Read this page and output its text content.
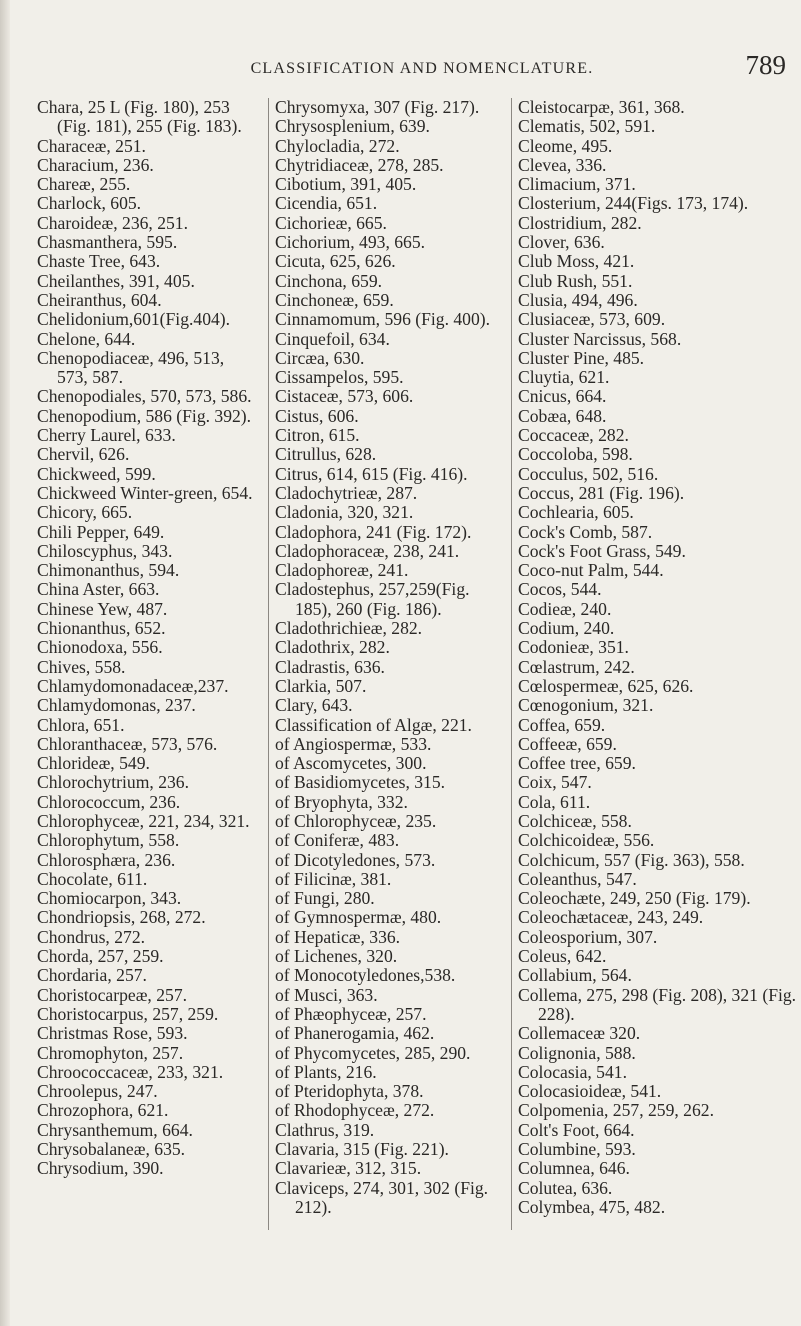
CLASSIFICATION AND NOMENCLATURE.	789
Chara, 25 L (Fig. 180), 253 (Fig. 181), 255 (Fig. 183).
Characeæ, 251.
Characium, 236.
Chareæ, 255.
Charlock, 605.
Charoideæ, 236, 251.
Chasmanthera, 595.
Chaste Tree, 643.
Cheilanthes, 391, 405.
Cheiranthus, 604.
Chelidonium,601(Fig.404).
Chelone, 644.
Chenopodiaceæ, 496, 513, 573, 587.
Chenopodiales, 570, 573, 586.
Chenopodium, 586 (Fig. 392).
Cherry Laurel, 633.
Chervil, 626.
Chickweed, 599.
Chickweed Winter-green, 654.
Chicory, 665.
Chili Pepper, 649.
Chiloscyphus, 343.
Chimonanthus, 594.
China Aster, 663.
Chinese Yew, 487.
Chionanthus, 652.
Chionodoxa, 556.
Chives, 558.
Chlamydomonadaceæ,237.
Chlamydomonas, 237.
Chlora, 651.
Chloranthaceæ, 573, 576.
Chlorideæ, 549.
Chlorochytrium, 236.
Chlorococcum, 236.
Chlorophyceæ, 221, 234, 321.
Chlorophytum, 558.
Chlorosphæra, 236.
Chocolate, 611.
Chomiocarpon, 343.
Chondriopsis, 268, 272.
Chondrus, 272.
Chorda, 257, 259.
Chordaria, 257.
Choristocarpeæ, 257.
Choristocarpus, 257, 259.
Christmas Rose, 593.
Chromophyton, 257.
Chroococcaceæ, 233, 321.
Chroolepus, 247.
Chrozophora, 621.
Chrysanthemum, 664.
Chrysobalaneæ, 635.
Chrysodium, 390.
Chrysomyxa, 307 (Fig. 217).
Chrysosplenium, 639.
Chylocladia, 272.
Chytridiaceæ, 278, 285.
Cibotium, 391, 405.
Cicendia, 651.
Cichorieæ, 665.
Cichorium, 493, 665.
Cicuta, 625, 626.
Cinchona, 659.
Cinchoneæ, 659.
Cinnamomum, 596 (Fig. 400).
Cinquefoil, 634.
Circæa, 630.
Cissampelos, 595.
Cistaceæ, 573, 606.
Cistus, 606.
Citron, 615.
Citrullus, 628.
Citrus, 614, 615 (Fig. 416).
Cladochytrieæ, 287.
Cladonia, 320, 321.
Cladophora, 241 (Fig. 172).
Cladophoraceæ, 238, 241.
Cladophoreæ, 241.
Cladostephus, 257,259(Fig. 185), 260 (Fig. 186).
Cladothrichieæ, 282.
Cladothrix, 282.
Cladrastis, 636.
Clarkia, 507.
Clary, 643.
Classification of Algæ, 221.
of Angiospermæ, 533.
of Ascomycetes, 300.
of Basidiomycetes, 315.
of Bryophyta, 332.
of Chlorophyceæ, 235.
of Coniferæ, 483.
of Dicotyledones, 573.
of Filicinæ, 381.
of Fungi, 280.
of Gymnospermæ, 480.
of Hepaticæ, 336.
of Lichenes, 320.
of Monocotyledones,538.
of Musci, 363.
of Phæophyceæ, 257.
of Phanerogamia, 462.
of Phycomycetes, 285, 290.
of Plants, 216.
of Pteridophyta, 378.
of Rhodophyceæ, 272.
Clathrus, 319.
Clavaria, 315 (Fig. 221).
Clavarieæ, 312, 315.
Claviceps, 274, 301, 302 (Fig. 212).
Cleistocarpæ, 361, 368.
Clematis, 502, 591.
Cleome, 495.
Clevea, 336.
Climacium, 371.
Closterium, 244(Figs. 173, 174).
Clostridium, 282.
Clover, 636.
Club Moss, 421.
Club Rush, 551.
Clusia, 494, 496.
Clusiaceæ, 573, 609.
Cluster Narcissus, 568.
Cluster Pine, 485.
Cluytia, 621.
Cnicus, 664.
Cobæa, 648.
Coccaceæ, 282.
Coccoloba, 598.
Cocculus, 502, 516.
Coccus, 281 (Fig. 196).
Cochlearia, 605.
Cock's Comb, 587.
Cock's Foot Grass, 549.
Coco-nut Palm, 544.
Cocos, 544.
Codieæ, 240.
Codium, 240.
Codonieæ, 351.
Cœlastrum, 242.
Cœlospermeæ, 625, 626.
Cœnogonium, 321.
Coffea, 659.
Coffeeæ, 659.
Coffee tree, 659.
Coix, 547.
Cola, 611.
Colchiceæ, 558.
Colchicoideæ, 556.
Colchicum, 557 (Fig. 363), 558.
Coleanthus, 547.
Coleochæte, 249, 250 (Fig. 179).
Coleochætaceæ, 243, 249.
Coleosporium, 307.
Coleus, 642.
Collabium, 564.
Collema, 275, 298 (Fig. 208), 321 (Fig. 228).
Collemaceæ 320.
Colignonia, 588.
Colocasia, 541.
Colocasioideæ, 541.
Colpomenia, 257, 259, 262.
Colt's Foot, 664.
Columbine, 593.
Columnea, 646.
Colutea, 636.
Colymbea, 475, 482.
